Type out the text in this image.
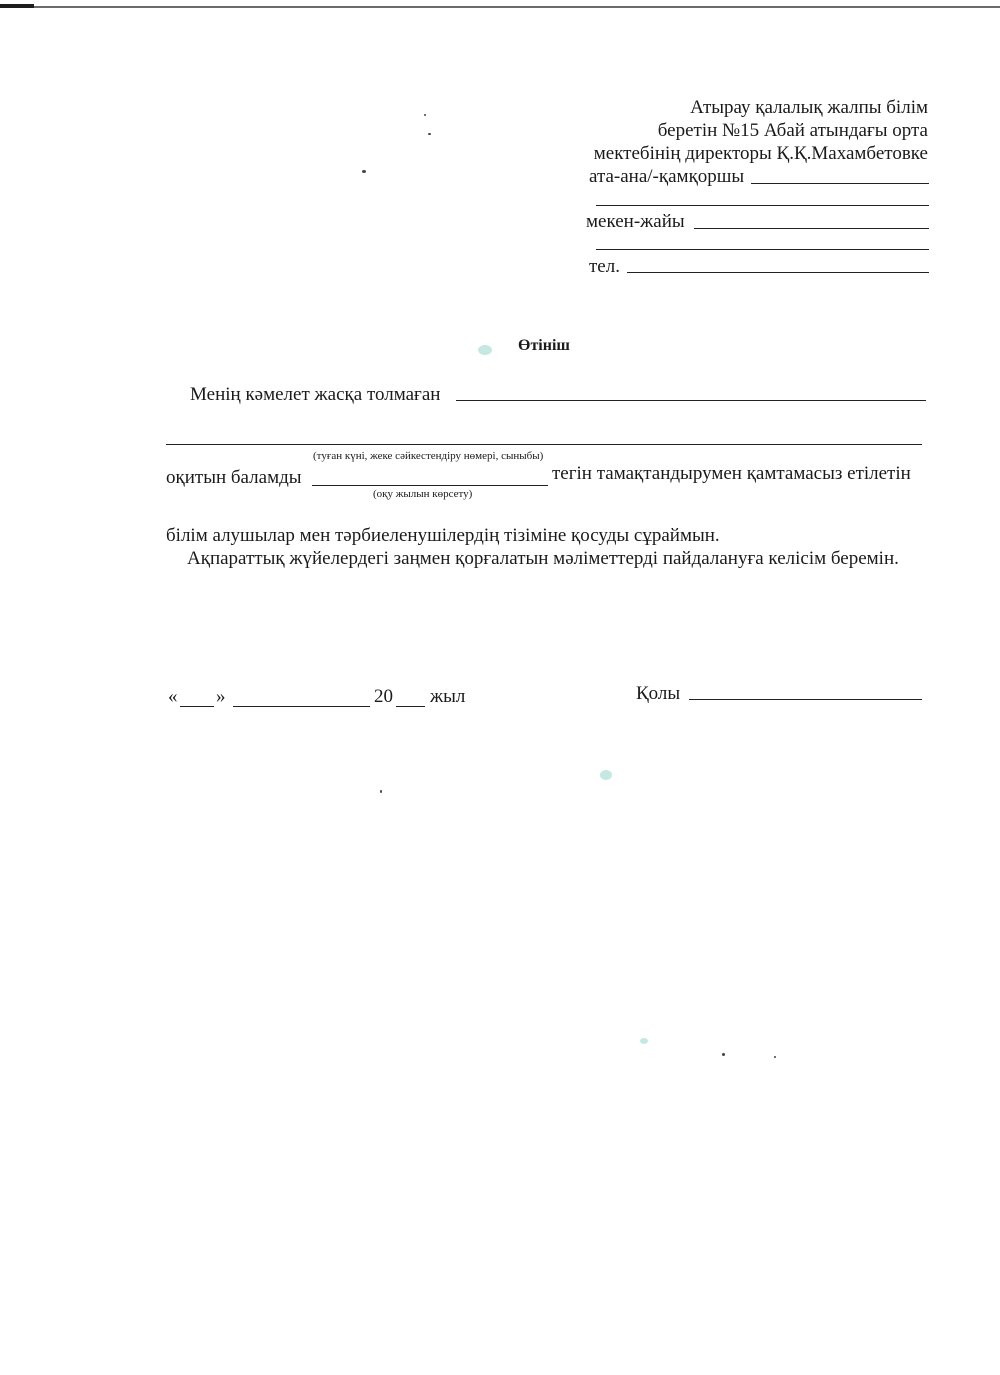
Атырау қалалық жалпы білім
беретін №15 Абай атындағы орта
мектебінің директоры Қ.Қ.Махамбетовке
ата-ана/-қамқоршы
мекен-жайы
тел.
Өтініш
Менің кәмелет жасқа толмаған
(туған күні, жеке сәйкестендіру нөмері, сыныбы)
оқитын баламды	тегін тамақтандырумен қамтамасыз етілетін
(оқу жылын көрсету)
білім алушылар мен тәрбиеленушілердің тізіміне қосуды сұраймын.
Ақпараттық жүйелердегі заңмен қорғалатын мәліметтерді пайдалануға келісім беремін.
« »	20 жыл	Қолы
